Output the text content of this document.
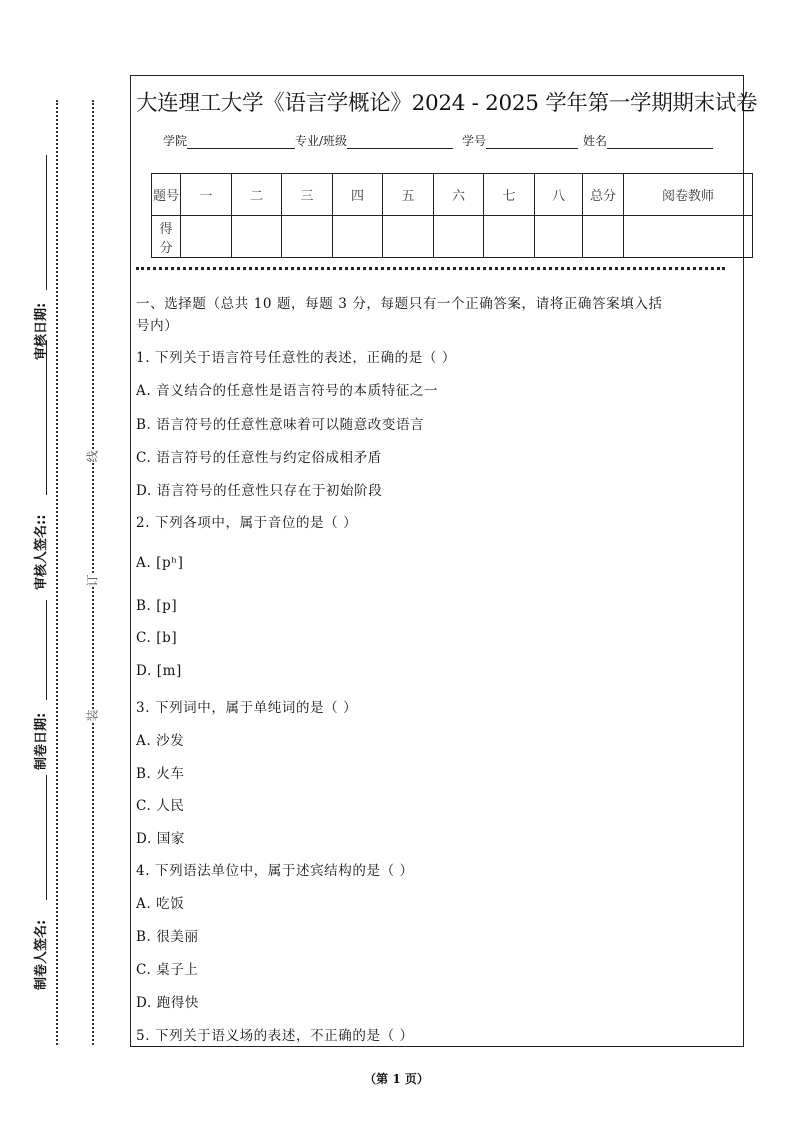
大连理工大学《语言学概论》2024 - 2025 学年第一学期期末试卷
学院	专业/班级	学号	姓名
题号	一	二	三	四	五	六	七	八	总分	阅卷教师
得分										
一、选择题（总共 10 题，每题 3 分，每题只有一个正确答案，请将正确答案填入括
号内）
1. 下列关于语言符号任意性的表述，正确的是（ ）
A. 音义结合的任意性是语言符号的本质特征之一
B. 语言符号的任意性意味着可以随意改变语言
C. 语言符号的任意性与约定俗成相矛盾
D. 语言符号的任意性只存在于初始阶段
2. 下列各项中，属于音位的是（ ）
A. [pʰ]
B. [p]
C. [b]
D. [m]
3. 下列词中，属于单纯词的是（ ）
A. 沙发
B. 火车
C. 人民
D. 国家
4. 下列语法单位中，属于述宾结构的是（ ）
A. 吃饭
B. 很美丽
C. 桌子上
D. 跑得快
5. 下列关于语义场的表述，不正确的是（ ）
线
订
装
制卷人签名:
制卷日期:
审核人签名::
审核日期:
（第 1 页）
